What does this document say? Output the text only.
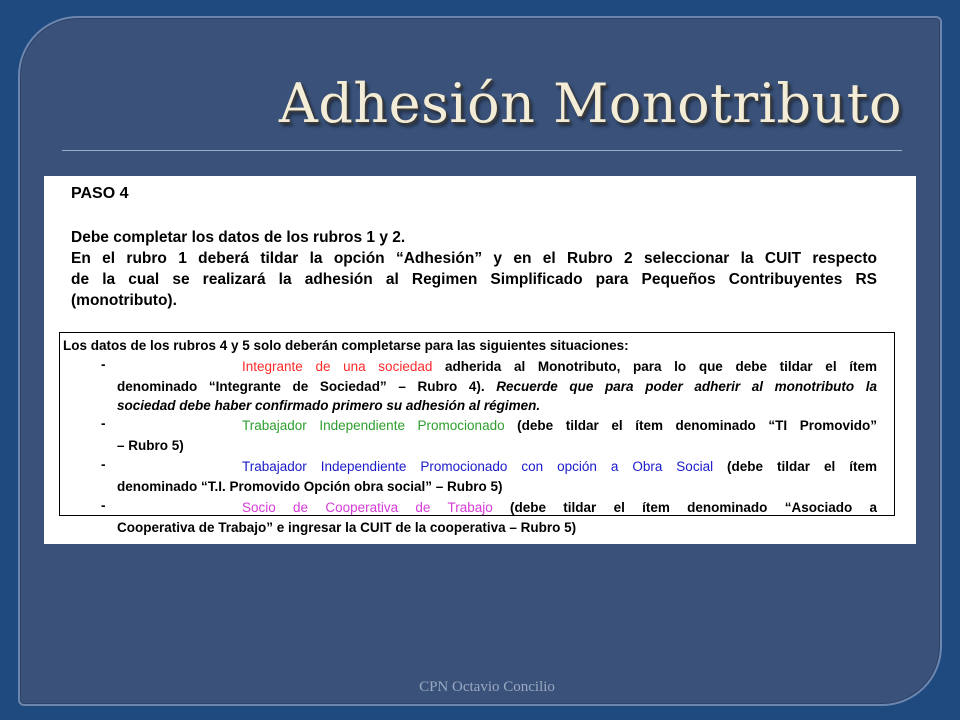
Adhesión Monotributo
PASO 4
Debe completar los datos de los rubros 1 y 2.
En el rubro 1 deberá tildar la opción “Adhesión” y en el Rubro 2 seleccionar la CUIT respecto
de la cual se realizará la adhesión al Regimen Simplificado para Pequeños Contribuyentes RS
(monotributo).
Los datos de los rubros 4 y 5 solo deberán completarse para las siguientes situaciones:
-	Integrante de una sociedad adherida al Monotributo, para lo que debe tildar el ítem
denominado “Integrante de Sociedad” – Rubro 4). Recuerde que para poder adherir al monotributo la
sociedad debe haber confirmado primero su adhesión al régimen.
-	Trabajador Independiente Promocionado (debe tildar el ítem denominado “TI Promovido”
– Rubro 5)
-	Trabajador Independiente Promocionado con opción a Obra Social (debe tildar el ítem
denominado “T.I. Promovido Opción obra social” – Rubro 5)
-	Socio de Cooperativa de Trabajo (debe tildar el ítem denominado “Asociado a
Cooperativa de Trabajo” e ingresar la CUIT de la cooperativa – Rubro 5)
CPN Octavio Concilio
